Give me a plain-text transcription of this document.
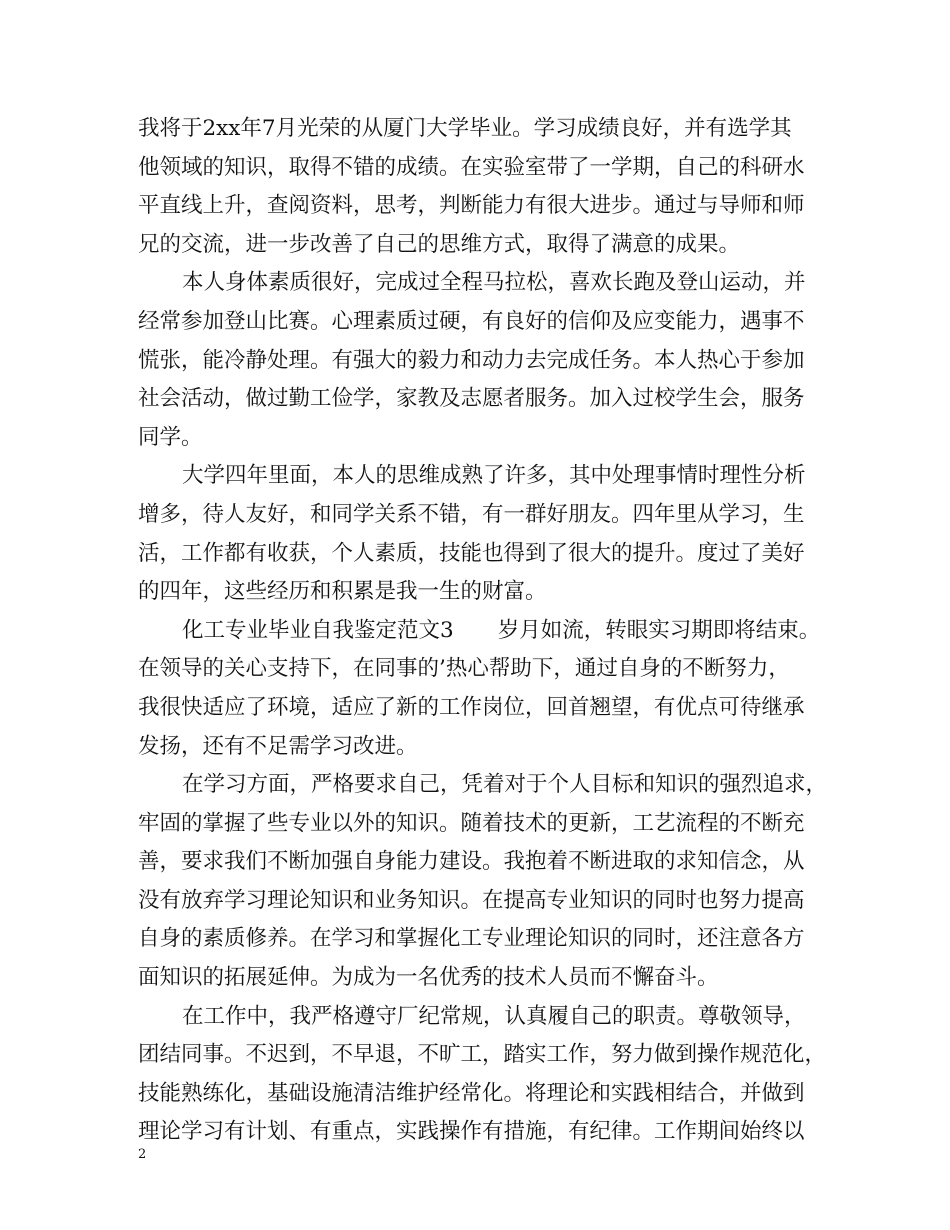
我将于2xx年7月光荣的从厦门大学毕业。学习成绩良好，并有选学其
他领域的知识，取得不错的成绩。在实验室带了一学期，自己的科研水
平直线上升，查阅资料，思考，判断能力有很大进步。通过与导师和师
兄的交流，进一步改善了自己的思维方式，取得了满意的成果。
本人身体素质很好，完成过全程马拉松，喜欢长跑及登山运动，并
经常参加登山比赛。心理素质过硬，有良好的信仰及应变能力，遇事不
慌张，能冷静处理。有强大的毅力和动力去完成任务。本人热心于参加
社会活动，做过勤工俭学，家教及志愿者服务。加入过校学生会，服务
同学。
大学四年里面，本人的思维成熟了许多，其中处理事情时理性分析
增多，待人友好，和同学关系不错，有一群好朋友。四年里从学习，生
活，工作都有收获，个人素质，技能也得到了很大的提升。度过了美好
的四年，这些经历和积累是我一生的财富。
化工专业毕业自我鉴定范文3 岁月如流，转眼实习期即将结束。
在领导的关心支持下，在同事的’热心帮助下，通过自身的不断努力，
我很快适应了环境，适应了新的工作岗位，回首翘望，有优点可待继承
发扬，还有不足需学习改进。
在学习方面，严格要求自己，凭着对于个人目标和知识的强烈追求，
牢固的掌握了些专业以外的知识。随着技术的更新，工艺流程的不断充
善，要求我们不断加强自身能力建设。我抱着不断进取的求知信念，从
没有放弃学习理论知识和业务知识。在提高专业知识的同时也努力提高
自身的素质修养。在学习和掌握化工专业理论知识的同时，还注意各方
面知识的拓展延伸。为成为一名优秀的技术人员而不懈奋斗。
在工作中，我严格遵守厂纪常规，认真履自己的职责。尊敬领导，
团结同事。不迟到，不早退，不旷工，踏实工作，努力做到操作规范化，
技能熟练化，基础设施清洁维护经常化。将理论和实践相结合，并做到
理论学习有计划、有重点，实践操作有措施，有纪律。工作期间始终以
2
